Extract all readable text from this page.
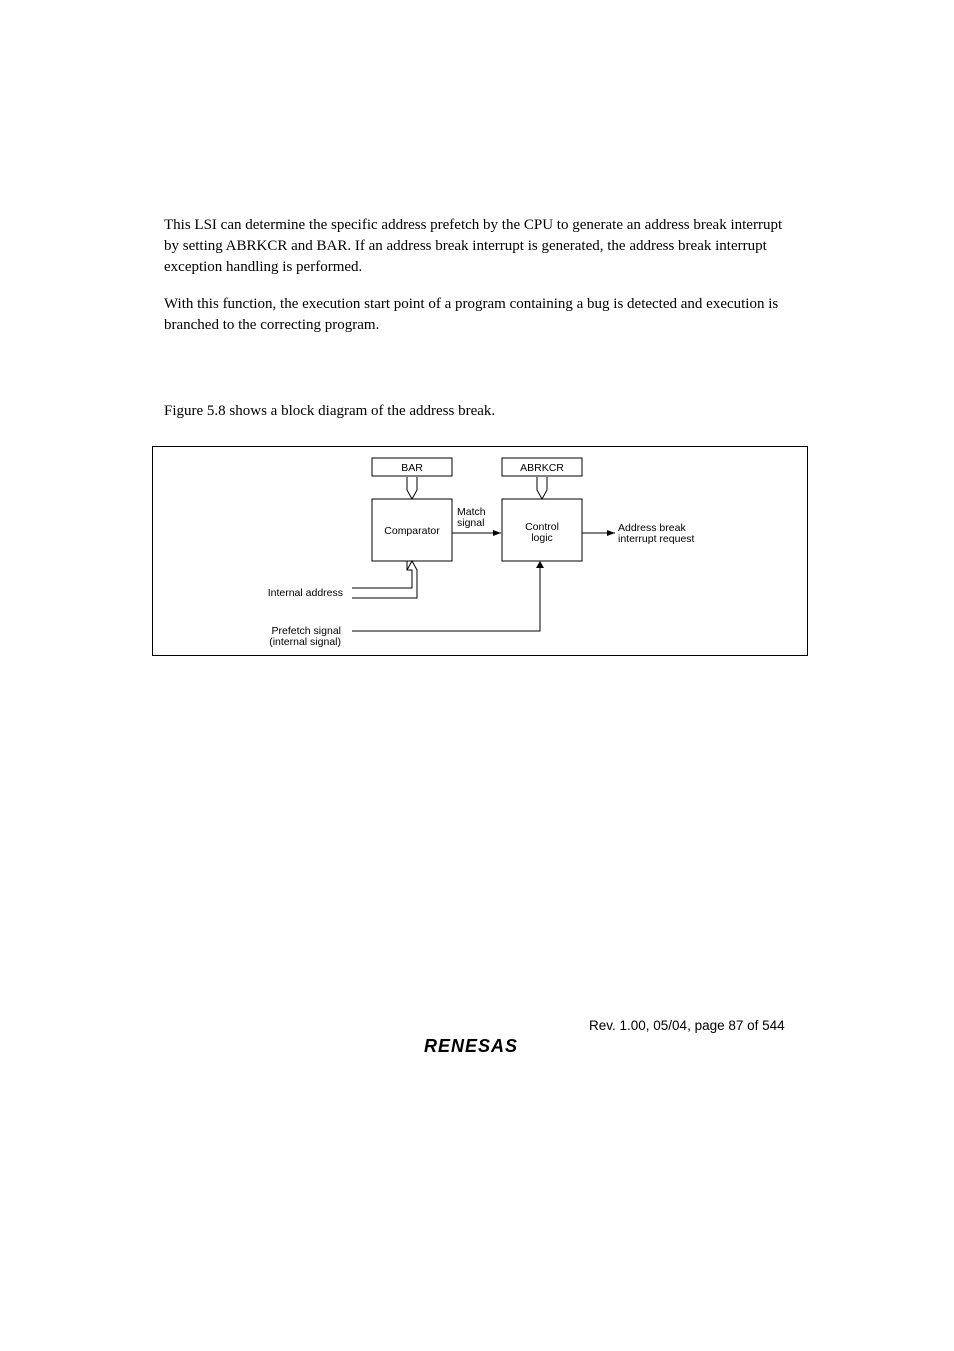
This LSI can determine the specific address prefetch by the CPU to generate an address break interrupt by setting ABRKCR and BAR. If an address break interrupt is generated, the address break interrupt exception handling is performed.

With this function, the execution start point of a program containing a bug is detected and execution is branched to the correcting program.

Figure 5.8 shows a block diagram of the address break.

BAR	ABRKCR
Comparator	Control
logic
Match
signal	Address break
interrupt request
Internal address
Prefetch signal
(internal signal)
Rev. 1.00, 05/04, page 87 of 544
RENESAS
